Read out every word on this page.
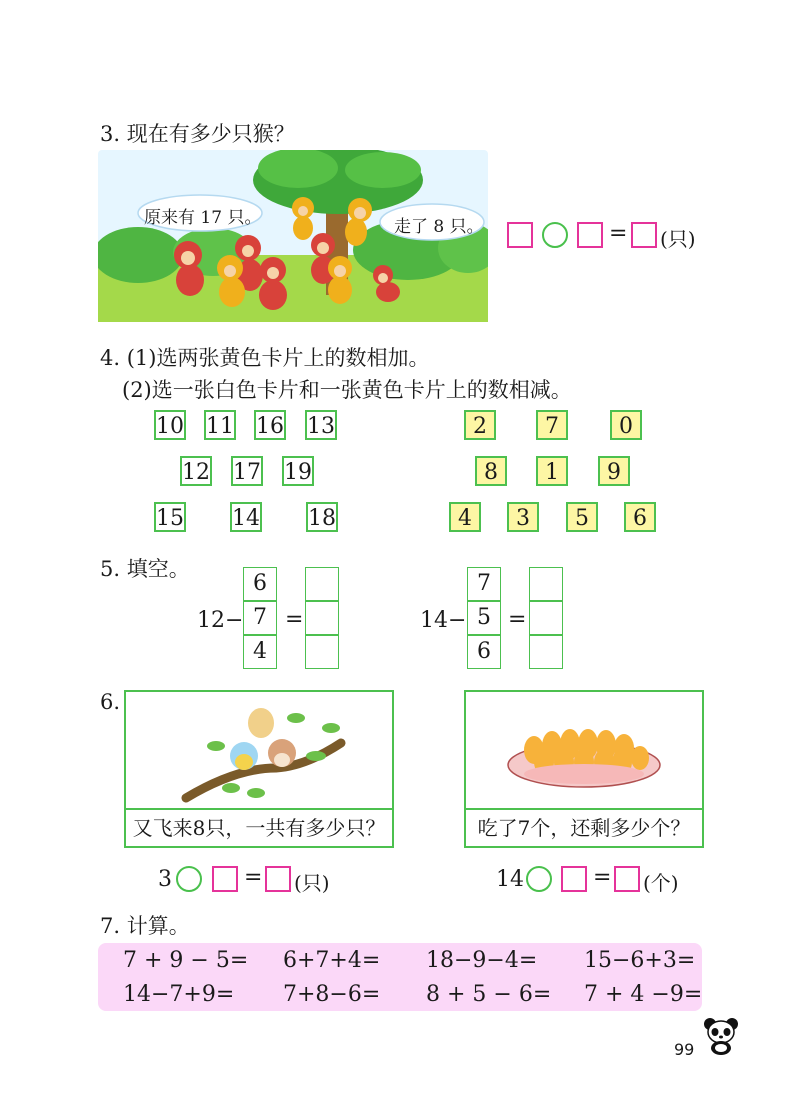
3. 现在有多少只猴？
原来有 17 只。	走了 8 只。	= (只)
4. (1)选两张黄色卡片上的数相加。
(2)选一张白色卡片和一张黄色卡片上的数相减。
10 11 16 13
12 17 19
15 14 18
2	7	0
8	1	9
4	3	5	6
5. 填空。
12−
6
7
4
=	14−
7
5
6
=
6.
又飞来8只，一共有多少只？	吃了7个，还剩多少个？
3	= (只)	14	= (个)
7. 计算。
7 + 9 − 5= 6+7+4= 18−9−4= 15−6+3=
14−7+9= 7+8−6= 8 + 5 − 6= 7 + 4 −9=
99
